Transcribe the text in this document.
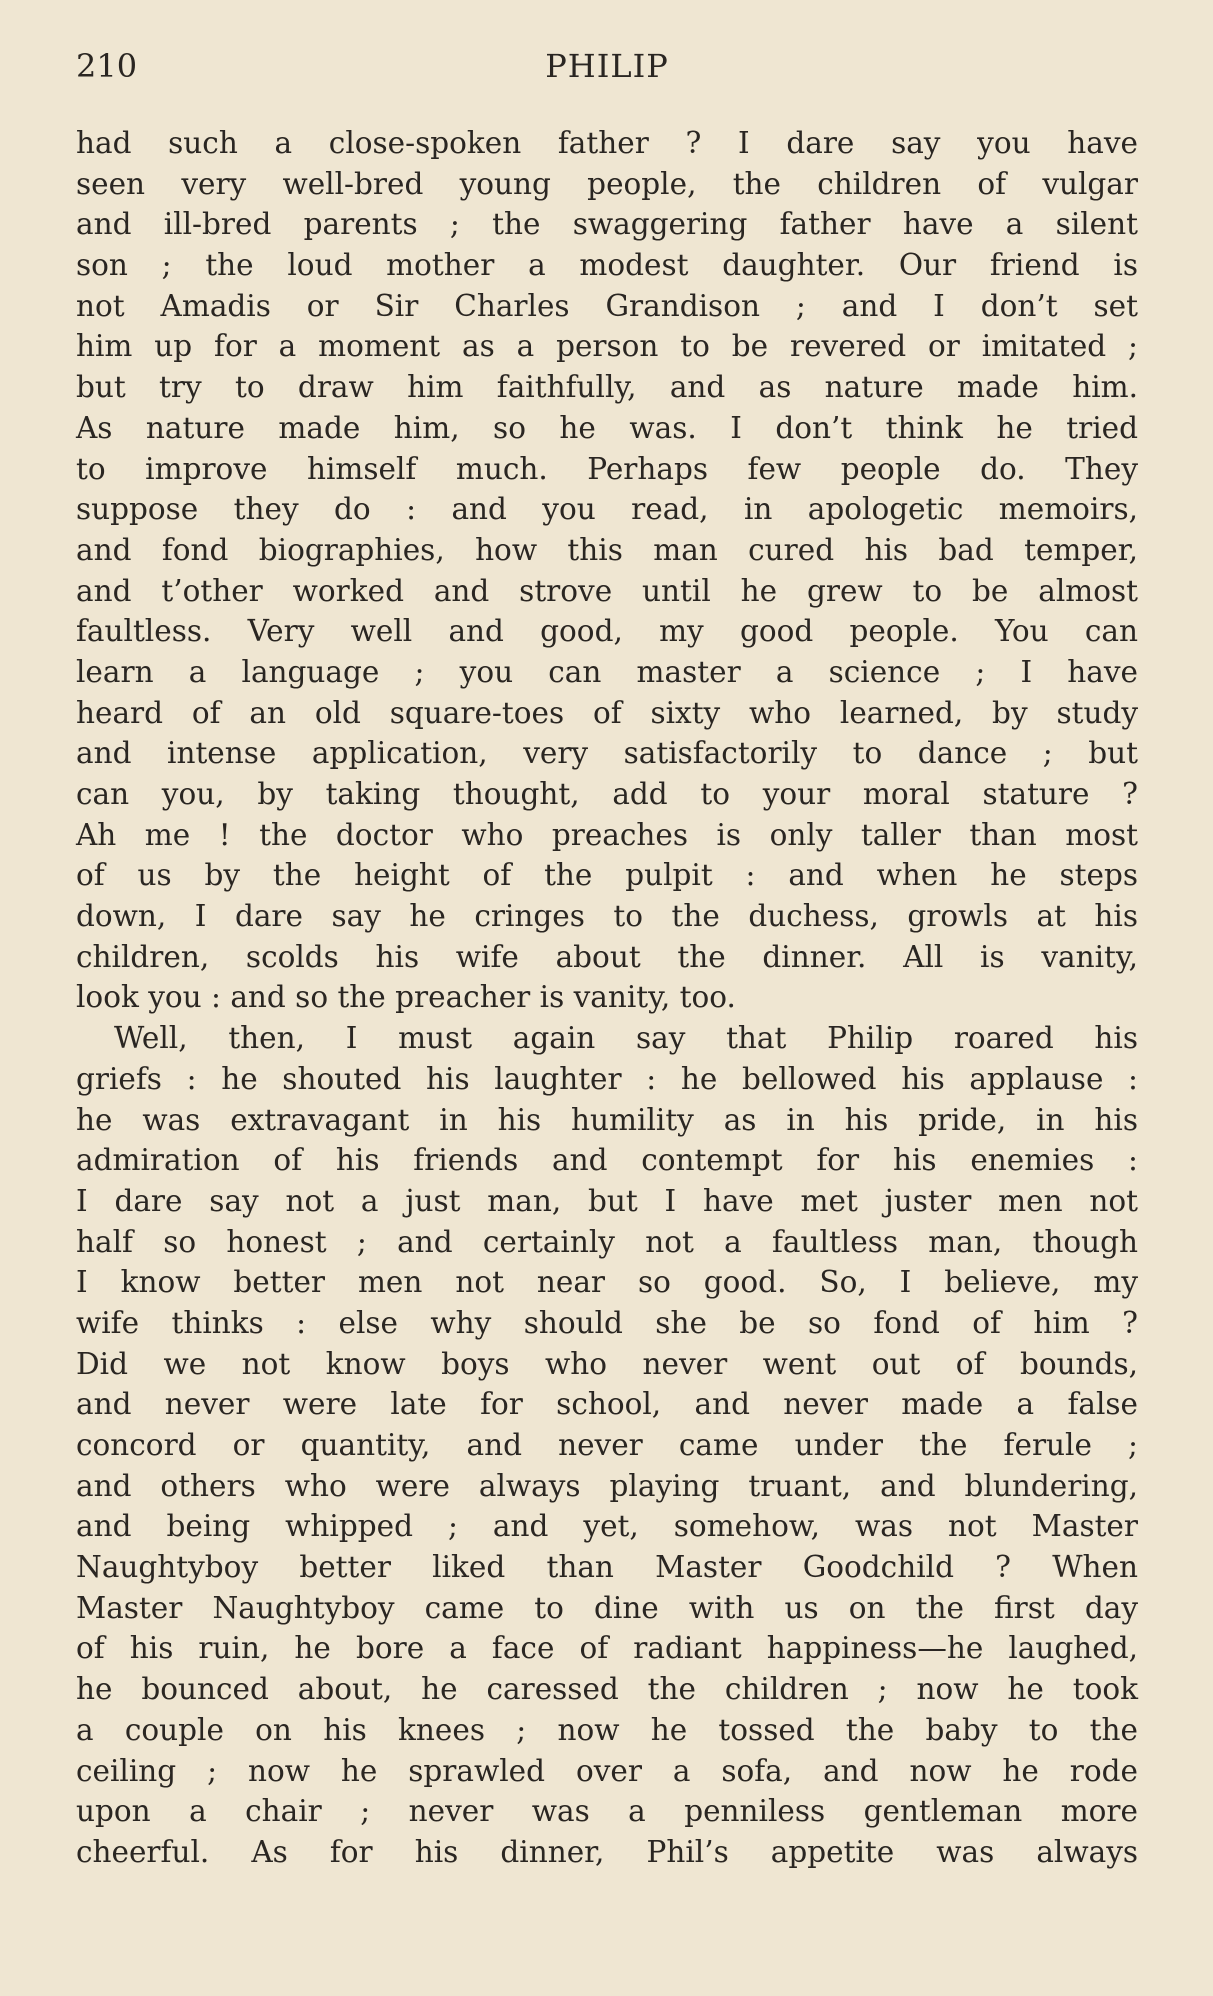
210	PHILIP
had such a close-spoken father ? I dare say you have
seen very well-bred young people, the children of vulgar
and ill-bred parents ; the swaggering father have a silent
son ; the loud mother a modest daughter. Our friend is
not Amadis or Sir Charles Grandison ; and I don’t set
him up for a moment as a person to be revered or imitated ;
but try to draw him faithfully, and as nature made him.
As nature made him, so he was. I don’t think he tried
to improve himself much. Perhaps few people do. They
suppose they do : and you read, in apologetic memoirs,
and fond biographies, how this man cured his bad temper,
and t’other worked and strove until he grew to be almost
faultless. Very well and good, my good people. You can
learn a language ; you can master a science ; I have
heard of an old square-toes of sixty who learned, by study
and intense application, very satisfactorily to dance ; but
can you, by taking thought, add to your moral stature ?
Ah me ! the doctor who preaches is only taller than most
of us by the height of the pulpit : and when he steps
down, I dare say he cringes to the duchess, growls at his
children, scolds his wife about the dinner. All is vanity,
look you : and so the preacher is vanity, too.
Well, then, I must again say that Philip roared his
griefs : he shouted his laughter : he bellowed his applause :
he was extravagant in his humility as in his pride, in his
admiration of his friends and contempt for his enemies :
I dare say not a just man, but I have met juster men not
half so honest ; and certainly not a faultless man, though
I know better men not near so good. So, I believe, my
wife thinks : else why should she be so fond of him ?
Did we not know boys who never went out of bounds,
and never were late for school, and never made a false
concord or quantity, and never came under the ferule ;
and others who were always playing truant, and blundering,
and being whipped ; and yet, somehow, was not Master
Naughtyboy better liked than Master Goodchild ? When
Master Naughtyboy came to dine with us on the first day
of his ruin, he bore a face of radiant happiness—he laughed,
he bounced about, he caressed the children ; now he took
a couple on his knees ; now he tossed the baby to the
ceiling ; now he sprawled over a sofa, and now he rode
upon a chair ; never was a penniless gentleman more
cheerful. As for his dinner, Phil’s appetite was always
